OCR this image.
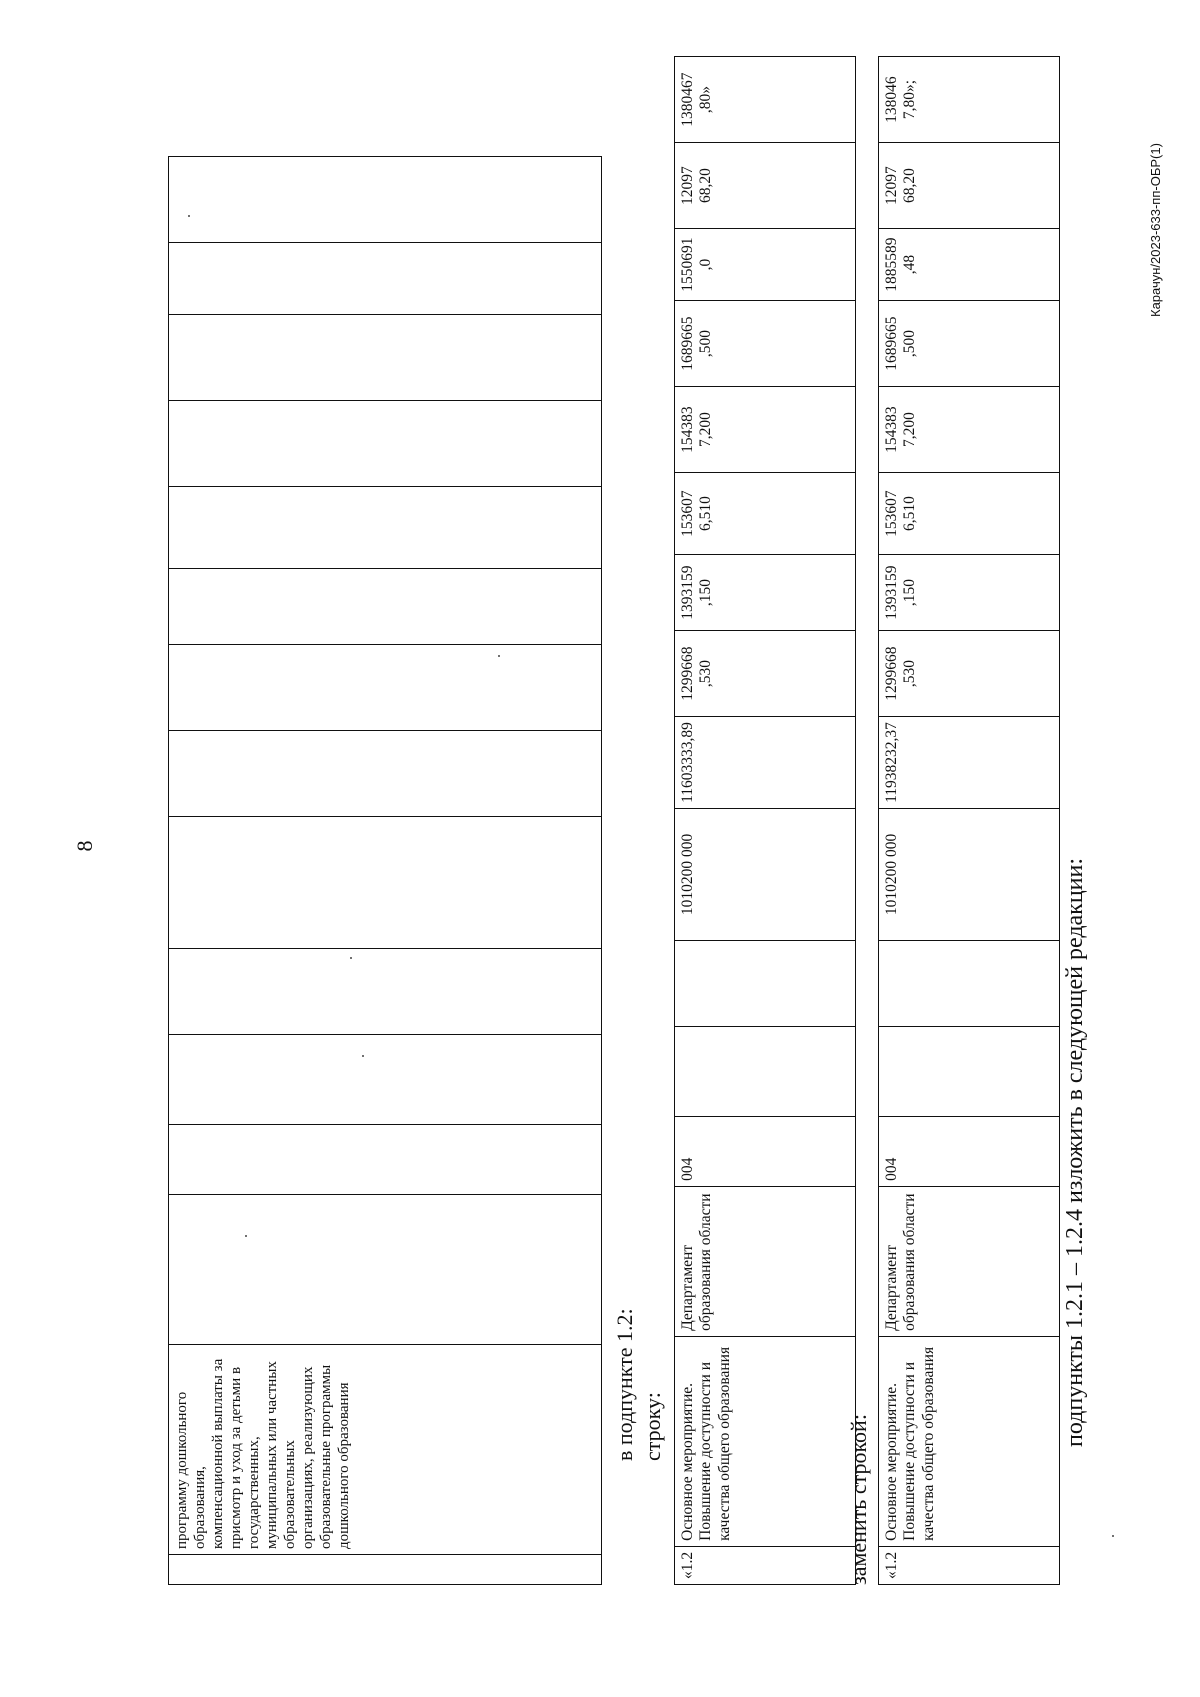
8
	программу дошкольного образования, компенсационной выплаты за присмотр и уход за детьми в государственных, муниципальных или частных образовательных организациях, реализующих образовательные программы дошкольного образования														в подпункте 1.2: строку:
«1.2	Основное мероприятие. Повышение доступности и качества общего образования	Департамент образования области	004			1010200 000	11603333,89	1299668 ,530	1393159 ,150	153607 6,510	154383 7,200	1689665 ,500	1550691 ,0	12097 68,20	1380467 ,80»
заменить строкой: «1.2	Основное мероприятие. Повышение доступности и качества общего образования	Департамент образования области	004			1010200 000	11938232,37	1299668 ,530	1393159 ,150	153607 6,510	154383 7,200	1689665 ,500	1885589 ,48	12097 68,20	138046 7,80»;
подпункты 1.2.1 – 1.2.4 изложить в следующей редакции:
Карачун/2023-633-пп-ОБР(1)
